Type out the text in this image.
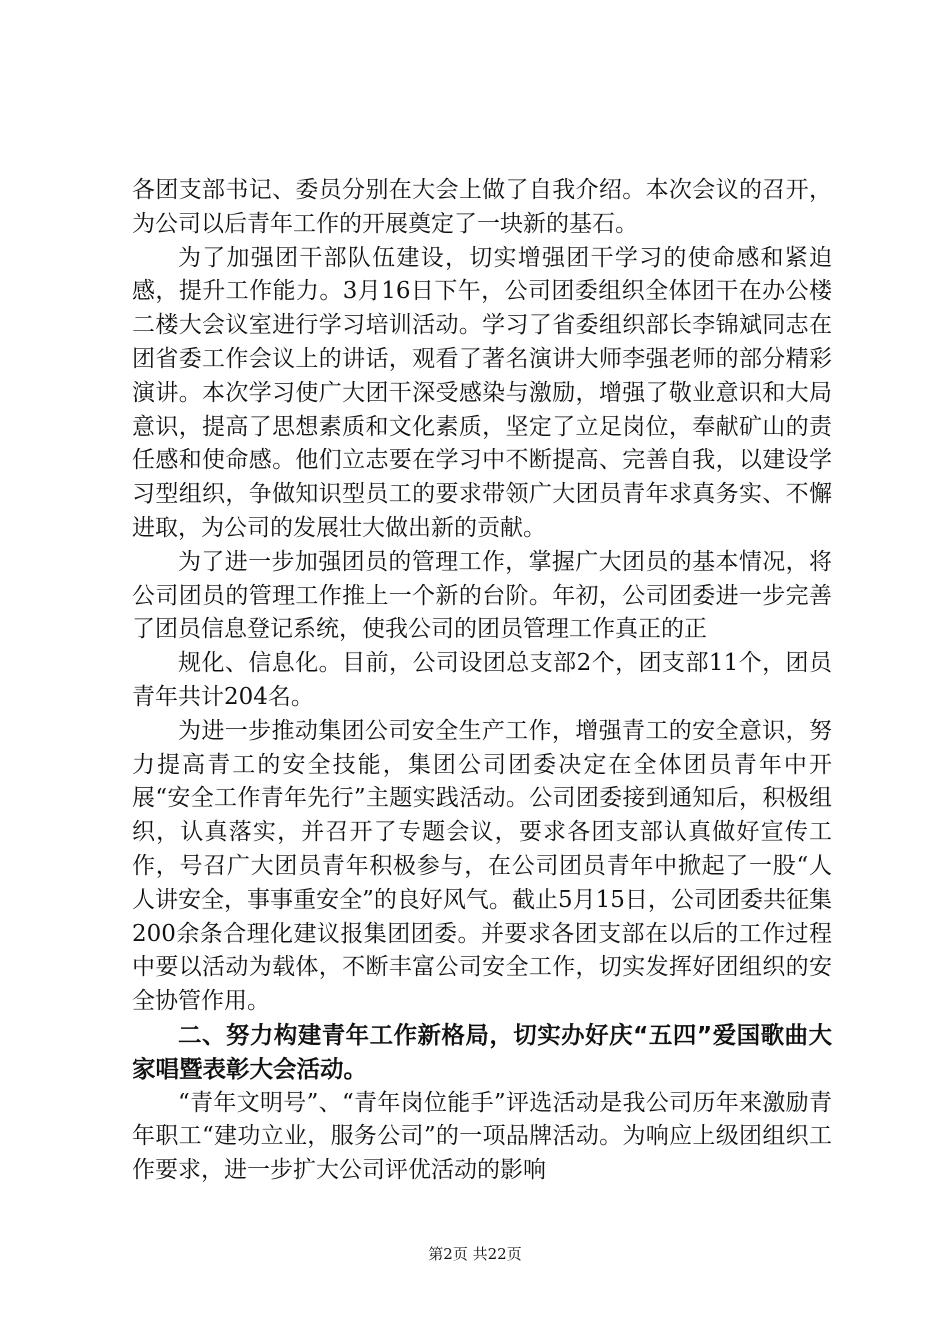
各团支部书记、委员分别在大会上做了自我介绍。本次会议的召开，为公司以后青年工作的开展奠定了一块新的基石。

为了加强团干部队伍建设，切实增强团干学习的使命感和紧迫感，提升工作能力。3月16日下午，公司团委组织全体团干在办公楼二楼大会议室进行学习培训活动。学习了省委组织部长李锦斌同志在团省委工作会议上的讲话，观看了著名演讲大师李强老师的部分精彩演讲。本次学习使广大团干深受感染与激励，增强了敬业意识和大局意识，提高了思想素质和文化素质，坚定了立足岗位，奉献矿山的责任感和使命感。他们立志要在学习中不断提高、完善自我，以建设学习型组织，争做知识型员工的要求带领广大团员青年求真务实、不懈进取，为公司的发展壮大做出新的贡献。

为了进一步加强团员的管理工作，掌握广大团员的基本情况，将公司团员的管理工作推上一个新的台阶。年初，公司团委进一步完善了团员信息登记系统，使我公司的团员管理工作真正的正

规化、信息化。目前，公司设团总支部2个，团支部11个，团员青年共计204名。

为进一步推动集团公司安全生产工作，增强青工的安全意识，努力提高青工的安全技能，集团公司团委决定在全体团员青年中开展“安全工作青年先行”主题实践活动。公司团委接到通知后，积极组织，认真落实，并召开了专题会议，要求各团支部认真做好宣传工作，号召广大团员青年积极参与，在公司团员青年中掀起了一股“人人讲安全，事事重安全”的良好风气。截止5月15日，公司团委共征集200余条合理化建议报集团团委。并要求各团支部在以后的工作过程中要以活动为载体，不断丰富公司安全工作，切实发挥好团组织的安全协管作用。

二、努力构建青年工作新格局，切实办好庆“五四”爱国歌曲大家唱暨表彰大会活动。

“青年文明号”、“青年岗位能手”评选活动是我公司历年来激励青年职工“建功立业，服务公司”的一项品牌活动。为响应上级团组织工作要求，进一步扩大公司评优活动的影响

第2页 共22页
